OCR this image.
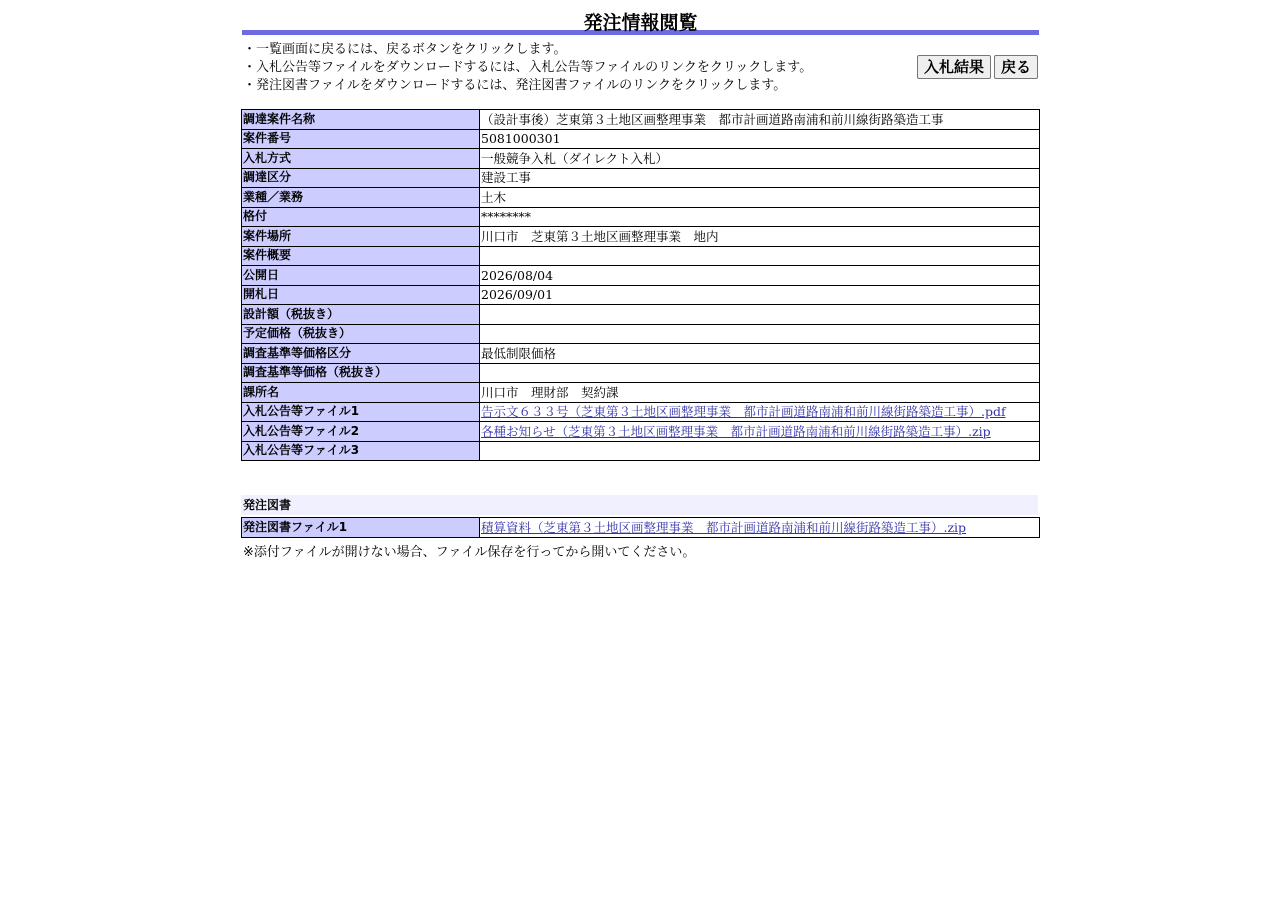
発注情報閲覧
・一覧画面に戻るには、戻るボタンをクリックします。
・入札公告等ファイルをダウンロードするには、入札公告等ファイルのリンクをクリックします。
・発注図書ファイルをダウンロードするには、発注図書ファイルのリンクをクリックします。
入札結果	戻る
調達案件名称	（設計事後）芝東第３土地区画整理事業　都市計画道路南浦和前川線街路築造工事
案件番号	5081000301
入札方式	一般競争入札（ダイレクト入札）
調達区分	建設工事
業種／業務	土木
格付	********
案件場所	川口市　芝東第３土地区画整理事業　地内
案件概要	
公開日	2026/08/04
開札日	2026/09/01
設計額（税抜き）	
予定価格（税抜き）	
調査基準等価格区分	最低制限価格
調査基準等価格（税抜き）	
課所名	川口市　理財部　契約課
入札公告等ファイル1	告示文６３３号（芝東第３土地区画整理事業　都市計画道路南浦和前川線街路築造工事）.pdf
入札公告等ファイル2	各種お知らせ（芝東第３土地区画整理事業　都市計画道路南浦和前川線街路築造工事）.zip
入札公告等ファイル3	
発注図書
発注図書ファイル1	積算資料（芝東第３土地区画整理事業　都市計画道路南浦和前川線街路築造工事）.zip
※添付ファイルが開けない場合、ファイル保存を行ってから開いてください。
